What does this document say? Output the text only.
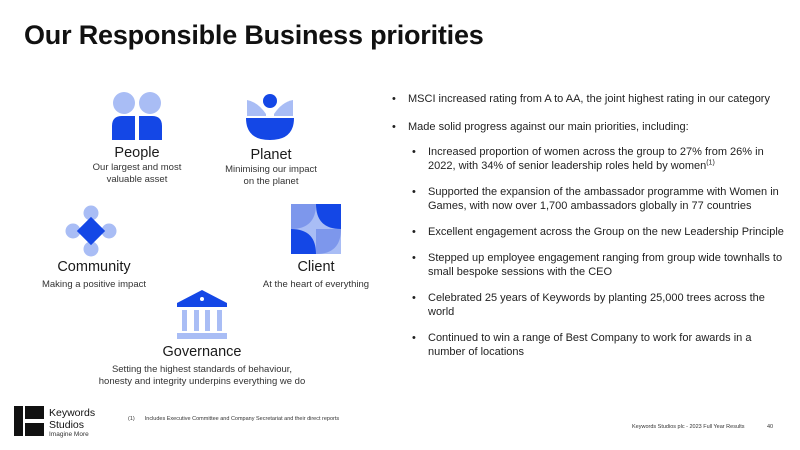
Our Responsible Business priorities
People
Our largest and most
valuable asset
Planet
Minimising our impact
on the planet
Community
Making a positive impact
Client
At the heart of everything
Governance
Setting the highest standards of behaviour,
honesty and integrity underpins everything we do
• MSCI increased rating from A to AA, the joint highest rating in our category
• Made solid progress against our main priorities, including:
• Increased proportion of women across the group to 27% from 26% in 2022, with 34% of senior leadership roles held by women$^{(1)}$
• Supported the expansion of the ambassador programme with Women in Games, with now over 1,700 ambassadors globally in 77 countries
• Excellent engagement across the Group on the new Leadership Principle
• Stepped up employee engagement ranging from group wide townhalls to small bespoke sessions with the CEO
• Celebrated 25 years of Keywords by planting 25,000 trees across the world
• Continued to win a range of Best Company to work for awards in a number of locations
Keywords
Studios
Imagine More
(1) Includes Executive Committee and Company Secretariat and their direct reports
Keywords Studios plc - 2023 Full Year Results	40
